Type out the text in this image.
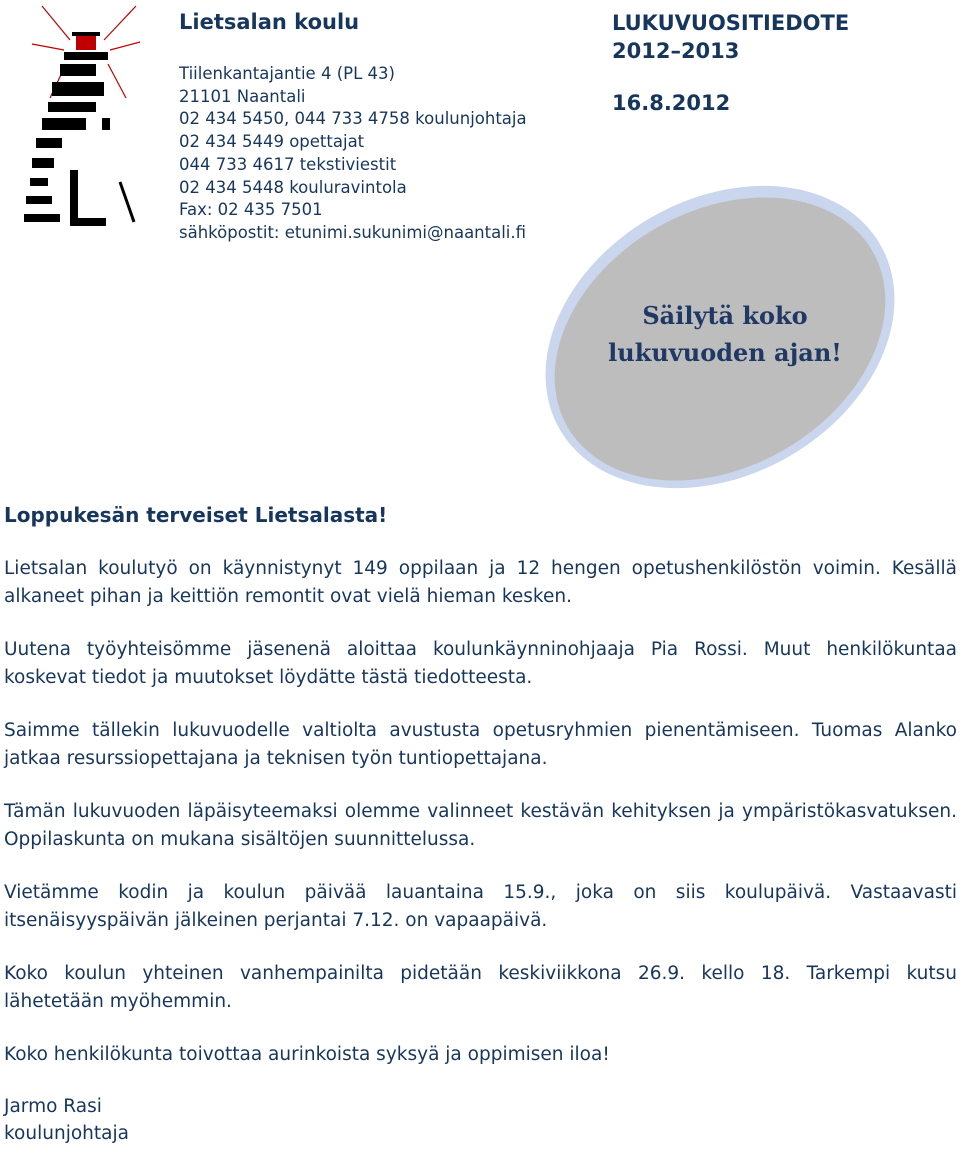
Lietsalan koulu
Tiilenkantajantie 4 (PL 43)
21101 Naantali
02 434 5450, 044 733 4758 koulunjohtaja
02 434 5449 opettajat
044 733 4617 tekstiviestit
02 434 5448 kouluravintola
Fax: 02 435 7501
sähköpostit: etunimi.sukunimi@naantali.fi
LUKUVUOSITIEDOTE
2012–2013
16.8.2012
Säilytä koko
lukuvuoden ajan!

Loppukesän terveiset Lietsalasta!

Lietsalan koulutyö on käynnistynyt 149 oppilaan ja 12 hengen opetushenkilöstön voimin. Kesällä alkaneet pihan ja keittiön remontit ovat vielä hieman kesken.

Uutena työyhteisömme jäsenenä aloittaa koulunkäynninohjaaja Pia Rossi. Muut henkilökuntaa koskevat tiedot ja muutokset löydätte tästä tiedotteesta.

Saimme tällekin lukuvuodelle valtiolta avustusta opetusryhmien pienentämiseen. Tuomas Alanko jatkaa resurssiopettajana ja teknisen työn tuntiopettajana.

Tämän lukuvuoden läpäisyteemaksi olemme valinneet kestävän kehityksen ja ympäristökasvatuksen. Oppilaskunta on mukana sisältöjen suunnittelussa.

Vietämme kodin ja koulun päivää lauantaina 15.9., joka on siis koulupäivä. Vastaavasti itsenäisyyspäivän jälkeinen perjantai 7.12. on vapaapäivä.

Koko koulun yhteinen vanhempainilta pidetään keskiviikkona 26.9. kello 18. Tarkempi kutsu lähetetään myöhemmin.

Koko henkilökunta toivottaa aurinkoista syksyä ja oppimisen iloa!

Jarmo Rasi
koulunjohtaja
